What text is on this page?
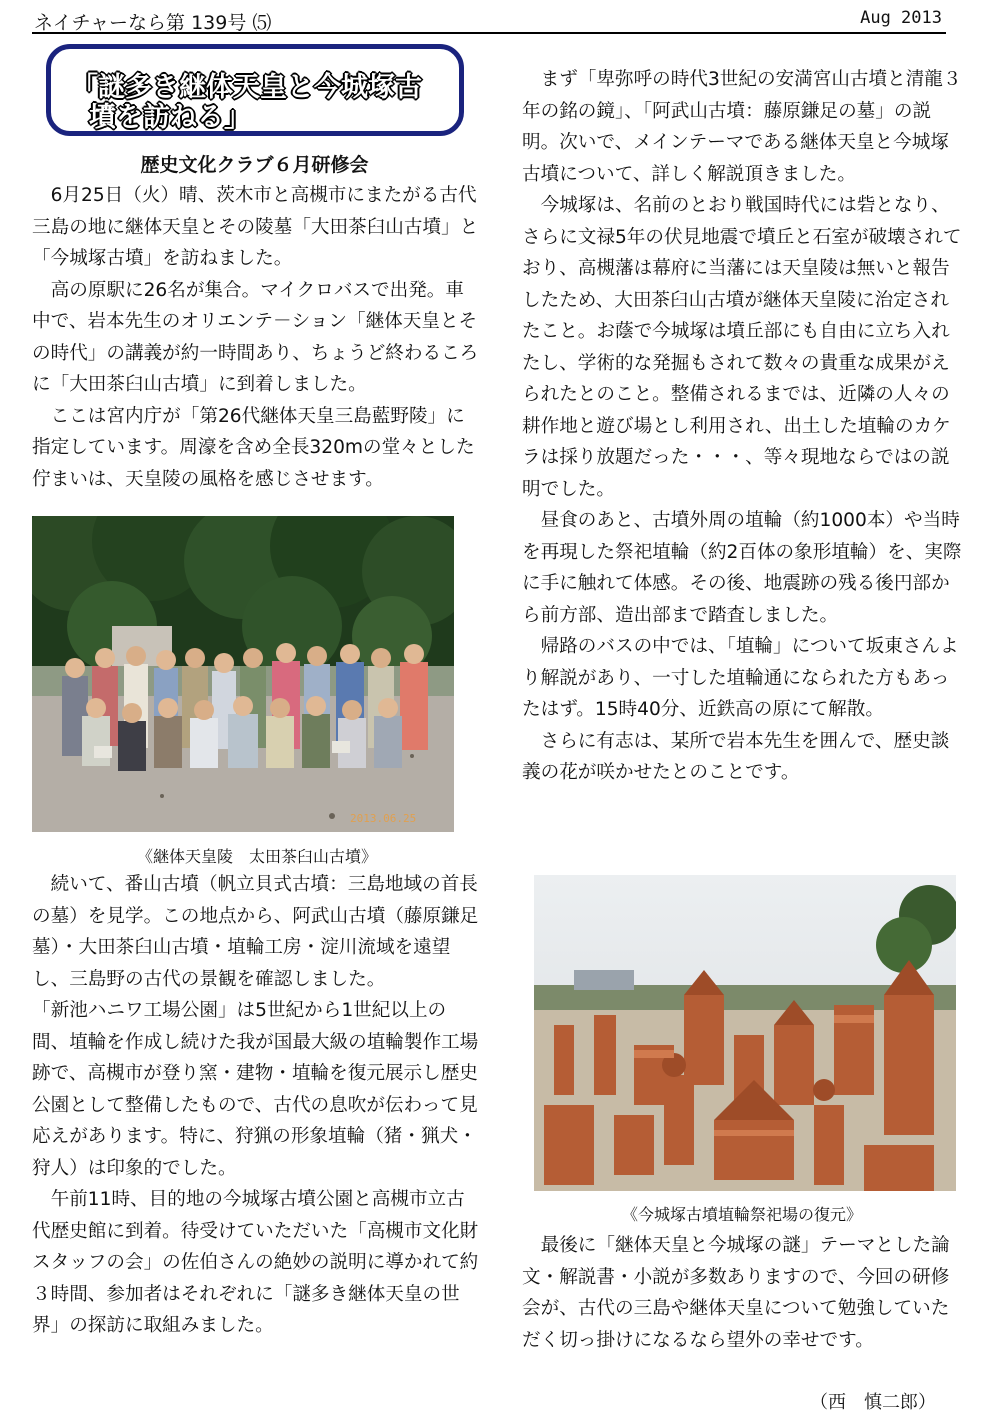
ネイチャーなら第 139号 ⑸	Aug 2013
「謎多き継体天皇と今城塚古
墳を訪ねる」
歴史文化クラブ６月研修会

6月25日（火）晴、茨木市と高槻市にまたがる古代三島の地に継体天皇とその陵墓「大田茶臼山古墳」と「今城塚古墳」を訪ねました。

高の原駅に26名が集合。マイクロバスで出発。車中で、岩本先生のオリエンテ－ション「継体天皇とその時代」の講義が約一時間あり、ちょうど終わるころに「大田茶臼山古墳」に到着しました。

ここは宮内庁が「第26代継体天皇三島藍野陵」に指定しています。周濠を含め全長320mの堂々とした佇まいは、天皇陵の風格を感じさせます。

2013.06.25
《継体天皇陵　太田茶臼山古墳》

続いて、番山古墳（帆立貝式古墳：三島地域の首長の墓）を見学。この地点から、阿武山古墳（藤原鎌足墓）・大田茶臼山古墳・埴輪工房・淀川流域を遠望し、三島野の古代の景観を確認しました。

「新池ハニワ工場公園」は5世紀から1世紀以上の間、埴輪を作成し続けた我が国最大級の埴輪製作工場跡で、高槻市が登り窯・建物・埴輪を復元展示し歴史公園として整備したもので、古代の息吹が伝わって見応えがあります。特に、狩猟の形象埴輪（猪・猟犬・狩人）は印象的でした。

午前11時、目的地の今城塚古墳公園と高槻市立古代歴史館に到着。待受けていただいた「高槻市文化財スタッフの会」の佐伯さんの絶妙の説明に導かれて約３時間、参加者はそれぞれに「謎多き継体天皇の世界」の探訪に取組みました。

まず「卑弥呼の時代3世紀の安満宮山古墳と清龍３年の銘の鏡」、「阿武山古墳：藤原鎌足の墓」の説明。次いで、メインテーマである継体天皇と今城塚古墳について、詳しく解説頂きました。

今城塚は、名前のとおり戦国時代には砦となり、さらに文禄5年の伏見地震で墳丘と石室が破壊されており、高槻藩は幕府に当藩には天皇陵は無いと報告したため、大田茶臼山古墳が継体天皇陵に治定されたこと。お蔭で今城塚は墳丘部にも自由に立ち入れたし、学術的な発掘もされて数々の貴重な成果がえられたとのこと。整備されるまでは、近隣の人々の耕作地と遊び場とし利用され、出土した埴輪のカケラは採り放題だった・・・、等々現地ならではの説明でした。

昼食のあと、古墳外周の埴輪（約1000本）や当時を再現した祭祀埴輪（約2百体の象形埴輪）を、実際に手に触れて体感。その後、地震跡の残る後円部から前方部、造出部まで踏査しました。

帰路のバスの中では、「埴輪」について坂東さんより解説があり、一寸した埴輪通になられた方もあったはず。15時40分、近鉄高の原にて解散。

さらに有志は、某所で岩本先生を囲んで、歴史談義の花が咲かせたとのことです。

《今城塚古墳埴輪祭祀場の復元》

最後に「継体天皇と今城塚の謎」テーマとした論文・解説書・小説が多数ありますので、今回の研修会が、古代の三島や継体天皇について勉強していただく切っ掛けになるなら望外の幸せです。

（西　慎二郎）
